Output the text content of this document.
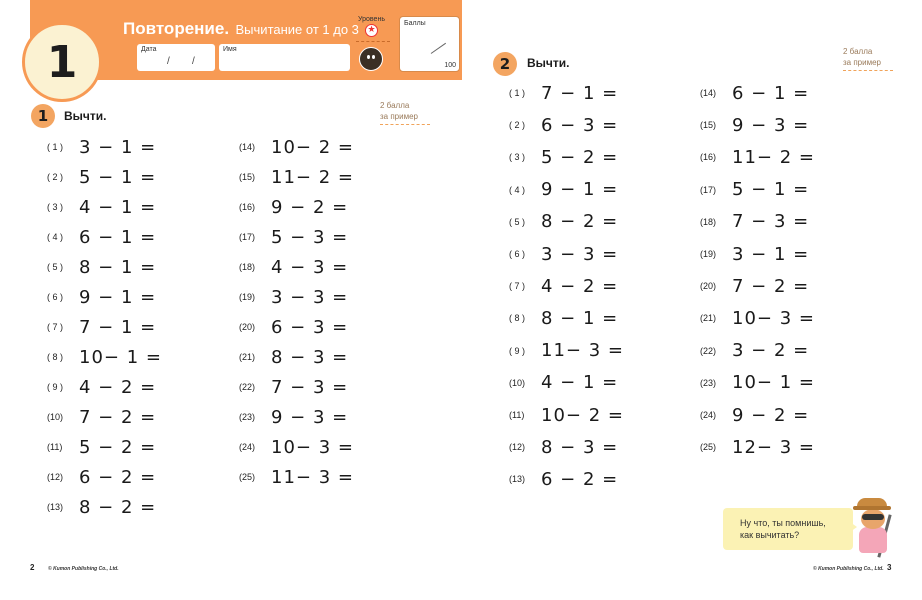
Повторение. Вычитание от 1 до 3
Дата
/ /
Имя
Уровень
★
Баллы
100
1
1	Вычти.
2 балла
за пример
( 1 ) 3 − 1 =
( 2 ) 5 − 1 =
( 3 ) 4 − 1 =
( 4 ) 6 − 1 =
( 5 ) 8 − 1 =
( 6 ) 9 − 1 =
( 7 ) 7 − 1 =
( 8 ) 10− 1 =
( 9 ) 4 − 2 =
(10) 7 − 2 =
(11) 5 − 2 =
(12) 6 − 2 =
(13) 8 − 2 =
(14) 10− 2 =
(15) 11− 2 =
(16) 9 − 2 =
(17) 5 − 3 =
(18) 4 − 3 =
(19) 3 − 3 =
(20) 6 − 3 =
(21) 8 − 3 =
(22) 7 − 3 =
(23) 9 − 3 =
(24) 10− 3 =
(25) 11− 3 =
2	© Kumon Publishing Co., Ltd.
2	Вычти.
2 балла
за пример
( 1 ) 7 − 1 =
( 2 ) 6 − 3 =
( 3 ) 5 − 2 =
( 4 ) 9 − 1 =
( 5 ) 8 − 2 =
( 6 ) 3 − 3 =
( 7 ) 4 − 2 =
( 8 ) 8 − 1 =
( 9 ) 11− 3 =
(10) 4 − 1 =
(11) 10− 2 =
(12) 8 − 3 =
(13) 6 − 2 =
(14) 6 − 1 =
(15) 9 − 3 =
(16) 11− 2 =
(17) 5 − 1 =
(18) 7 − 3 =
(19) 3 − 1 =
(20) 7 − 2 =
(21) 10− 3 =
(22) 3 − 2 =
(23) 10− 1 =
(24) 9 − 2 =
(25) 12− 3 =
Ну что, ты помнишь,
как вычитать?
© Kumon Publishing Co., Ltd. 3
